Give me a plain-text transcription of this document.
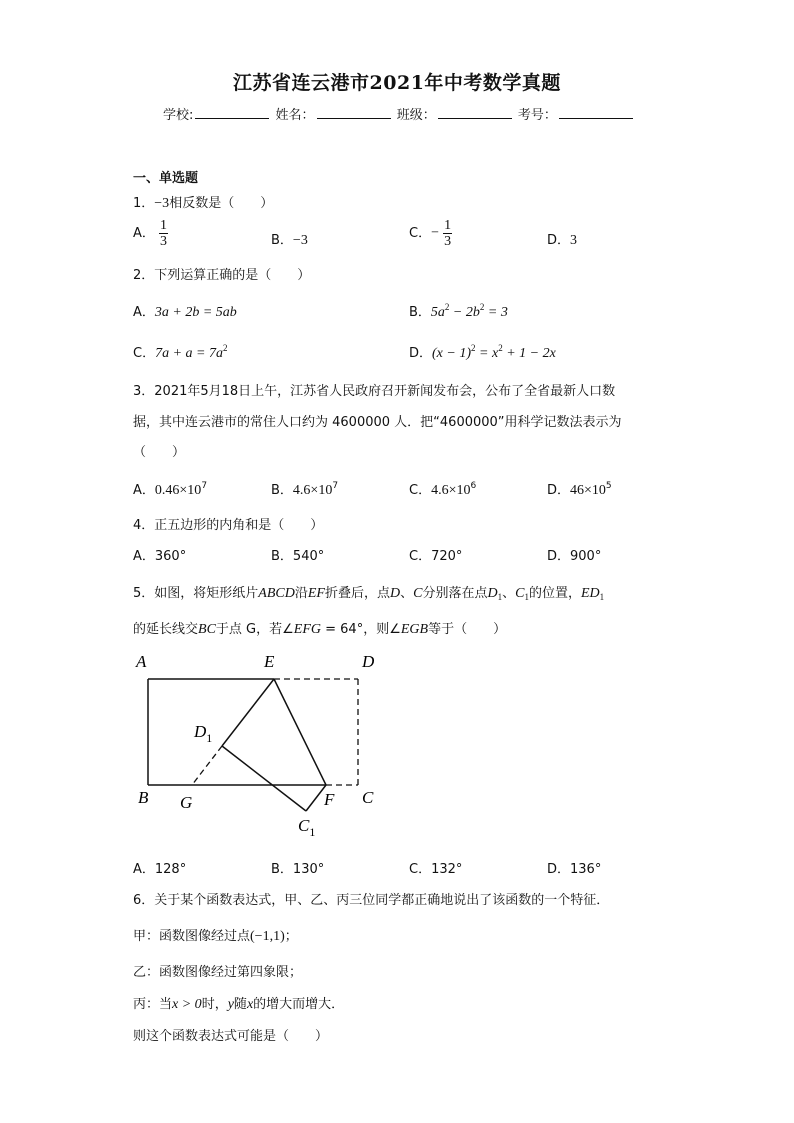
江苏省连云港市2021年中考数学真题
学校:	姓名：	班级：	考号：
一、单选题
1．−3相反数是（　　）
A． $\frac{1}{3}$	B．−3	C．− $\frac{1}{3}$	D．3
2．下列运算正确的是（　　）
A．3a + 2b = 5ab	B．$5a^2 - 2b^2 = 3$
C．$7a + a = 7a^2$	D．$(x - 1)^2 = x^2 + 1 - 2x$
3．2021年5月18日上午，江苏省人民政府召开新闻发布会，公布了全省最新人口数
据，其中连云港市的常住人口约为 4600000 人．把“4600000”用科学记数法表示为
（　　）
A．$0.46\times 10^7$	B．$4.6\times 10^7$	C．$4.6\times 10^6$	D．$46\times 10^5$
4．正五边形的内角和是（　　）
A．360°	B．540°	C．720°	D．900°
5．如图，将矩形纸片ABCD沿EF折叠后，点D、C分别落在点$D_1$、$C_1$的位置，$ED_1$
的延长线交BC于点 G，若∠EFG = 64°，则∠EGB等于（　　）
A	E	D
$D_1$
B G	F C
$C_1$
A．128°	B．130°	C．132°	D．136°
6．关于某个函数表达式，甲、乙、丙三位同学都正确地说出了该函数的一个特征．
甲：函数图像经过点(−1,1)；
乙：函数图像经过第四象限；
丙：当x > 0时，y随x的增大而增大．
则这个函数表达式可能是（　　）
